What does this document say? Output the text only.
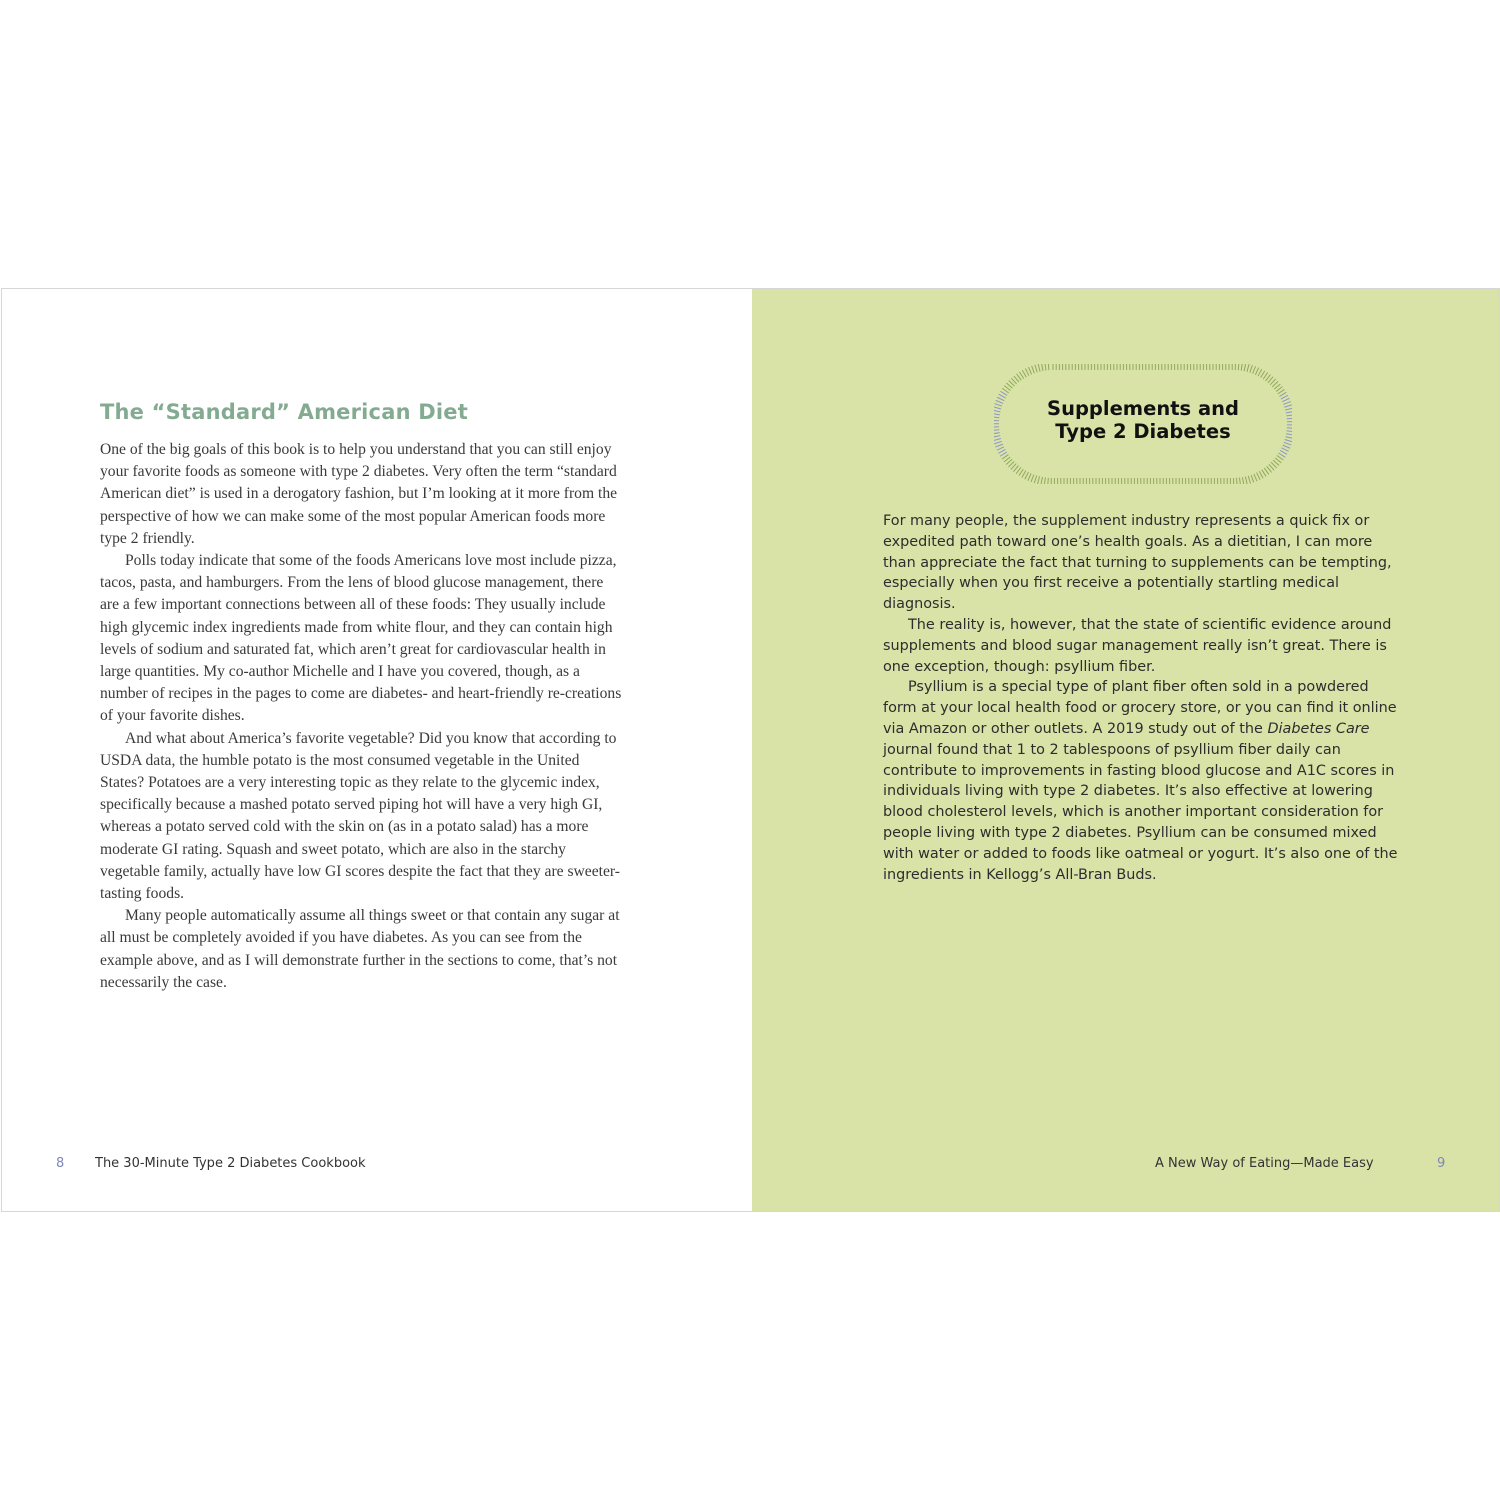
The “Standard” American Diet

One of the big goals of this book is to help you understand that you can still enjoy your favorite foods as someone with type 2 diabetes. Very often the term “standard American diet” is used in a derogatory fashion, but I’m looking at it more from the perspective of how we can make some of the most popular American foods more type 2 friendly.

Polls today indicate that some of the foods Americans love most include pizza, tacos, pasta, and hamburgers. From the lens of blood glucose management, there are a few important connections between all of these foods: They usually include high glycemic index ingredients made from white flour, and they can contain high levels of sodium and saturated fat, which aren’t great for cardiovascular health in large quantities. My co-author Michelle and I have you covered, though, as a number of recipes in the pages to come are diabetes- and heart-friendly re-creations of your favorite dishes.

And what about America’s favorite vegetable? Did you know that according to USDA data, the humble potato is the most consumed vegetable in the United States? Potatoes are a very interesting topic as they relate to the glycemic index, specifically because a mashed potato served piping hot will have a very high GI, whereas a potato served cold with the skin on (as in a potato salad) has a more moderate GI rating. Squash and sweet potato, which are also in the starchy vegetable family, actually have low GI scores despite the fact that they are sweeter-tasting foods.

Many people automatically assume all things sweet or that contain any sugar at all must be completely avoided if you have diabetes. As you can see from the example above, and as I will demonstrate further in the sections to come, that’s not necessarily the case.

8 The 30-Minute Type 2 Diabetes Cookbook
Supplements and
Type 2 Diabetes

For many people, the supplement industry represents a quick fix or expedited path toward one’s health goals. As a dietitian, I can more than appreciate the fact that turning to supplements can be tempting, especially when you first receive a potentially startling medical diagnosis.

The reality is, however, that the state of scientific evidence around supplements and blood sugar management really isn’t great. There is one exception, though: psyllium fiber.

Psyllium is a special type of plant fiber often sold in a powdered form at your local health food or grocery store, or you can find it online via Amazon or other outlets. A 2019 study out of the Diabetes Care journal found that 1 to 2 tablespoons of psyllium fiber daily can contribute to improvements in fasting blood glucose and A1C scores in individuals living with type 2 diabetes. It’s also effective at lowering blood cholesterol levels, which is another important consideration for people living with type 2 diabetes. Psyllium can be consumed mixed with water or added to foods like oatmeal or yogurt. It’s also one of the ingredients in Kellogg’s All-Bran Buds.

A New Way of Eating—Made Easy	9
